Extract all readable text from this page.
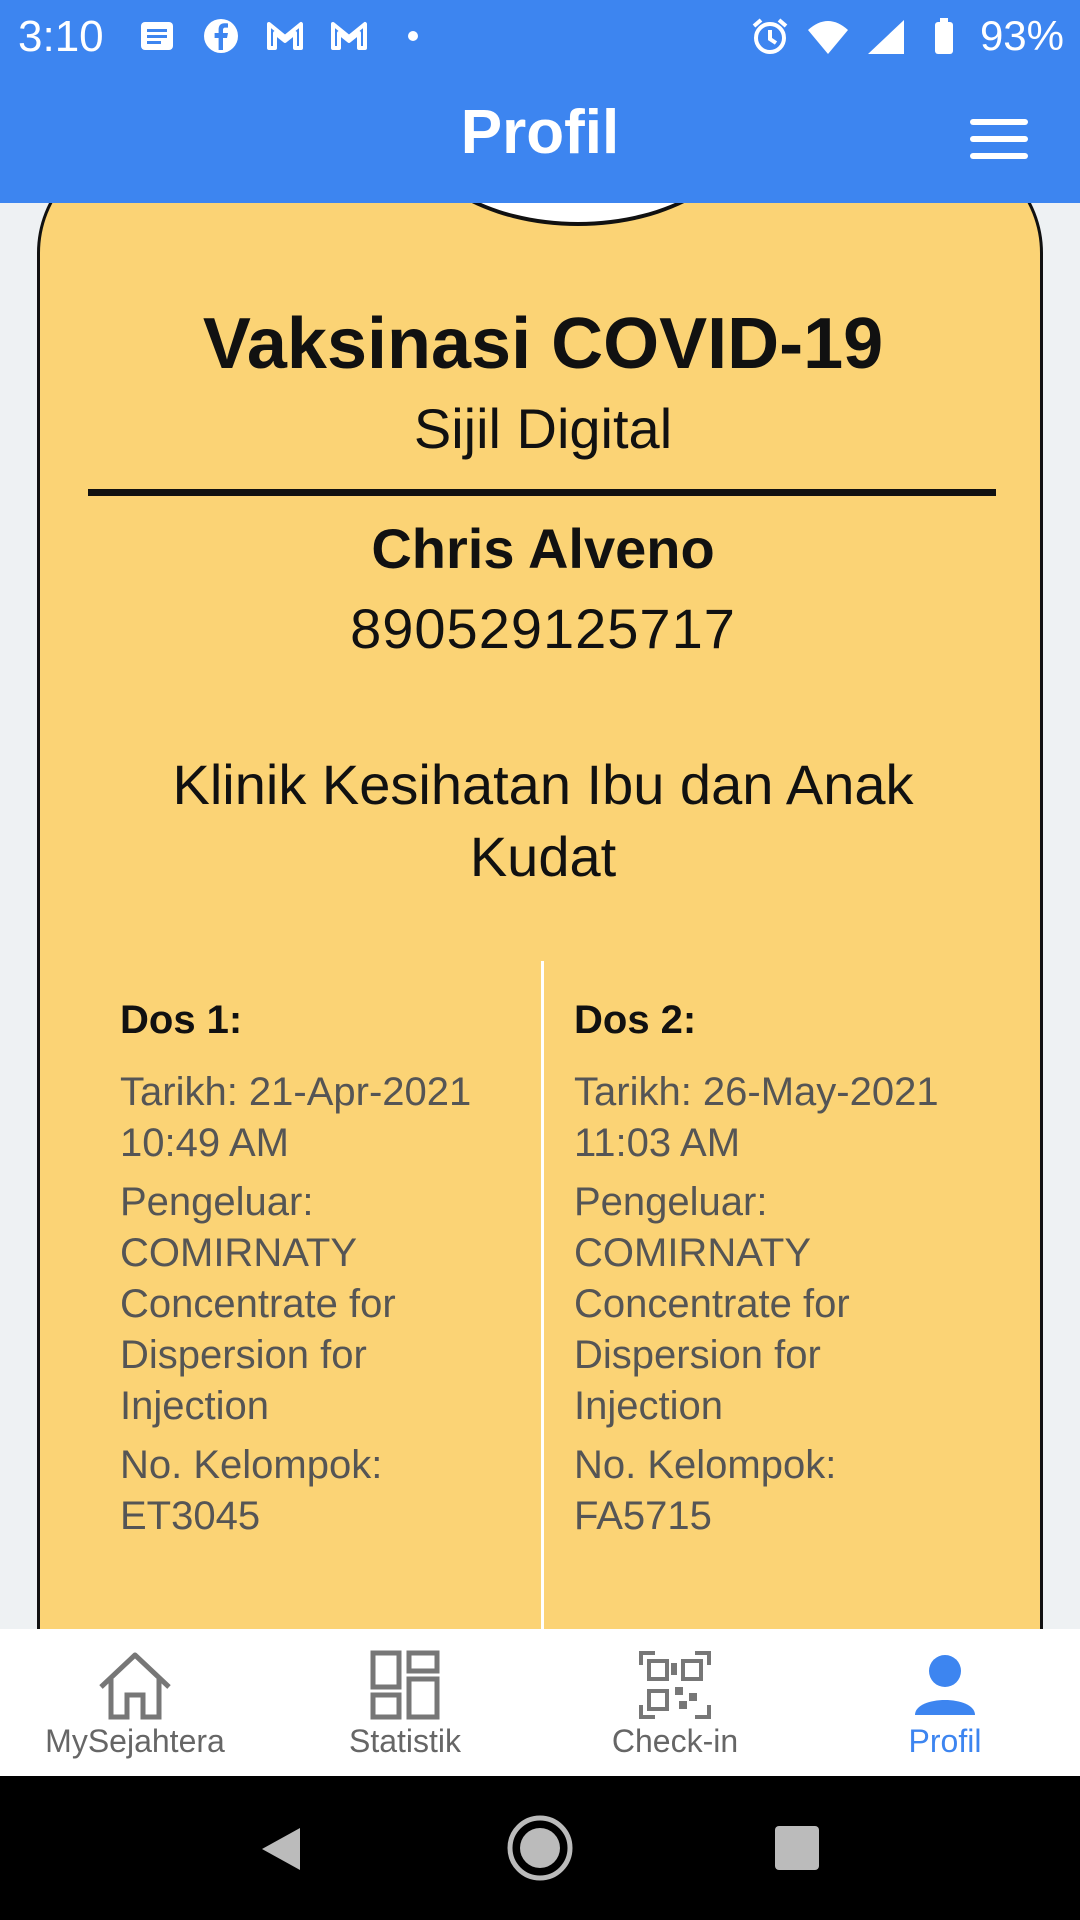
3:10	93%
Profil
Vaksinasi COVID-19
Sijil Digital
Chris Alveno
890529125717
Klinik Kesihatan Ibu dan Anak Kudat
Dos 1:
Tarikh: 21-Apr-2021
10:49 AM
Pengeluar:
COMIRNATY
Concentrate for
Dispersion for
Injection
No. Kelompok:
ET3045
Dos 2:
Tarikh: 26-May-2021
11:03 AM
Pengeluar:
COMIRNATY
Concentrate for
Dispersion for
Injection
No. Kelompok:
FA5715
MySejahtera	Statistik	Check-in	Profil
